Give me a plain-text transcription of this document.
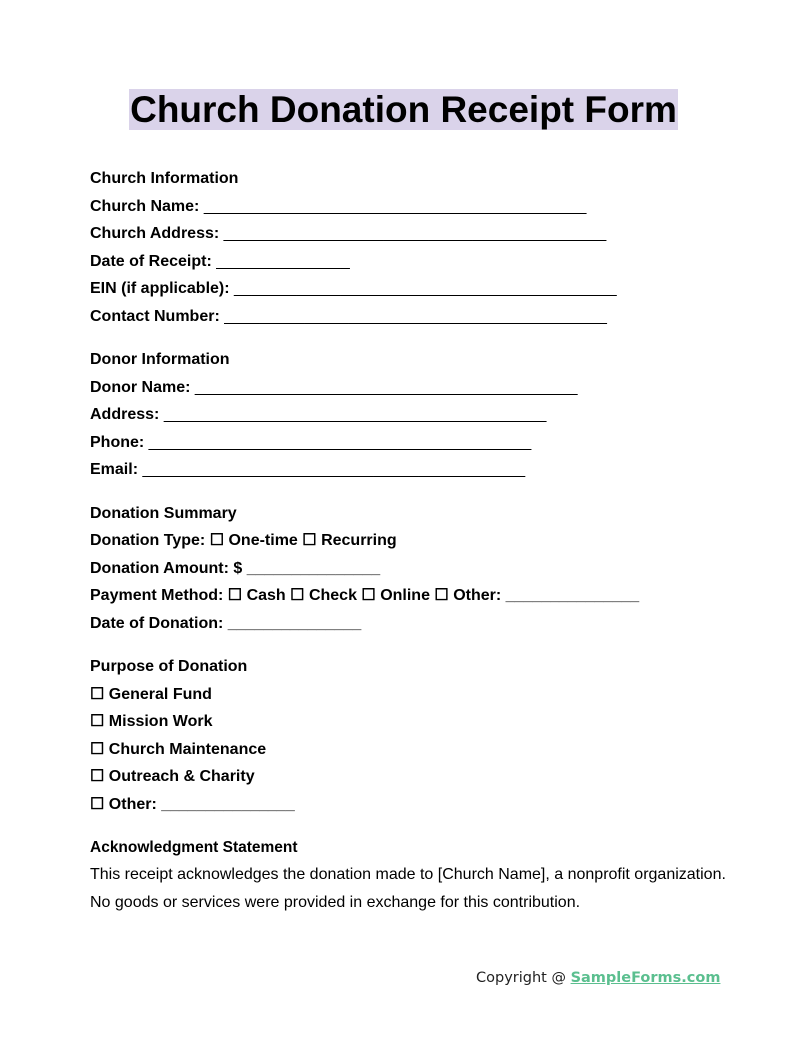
Church Donation Receipt Form
Church Information
Church Name: ___________________________________________
Church Address: ___________________________________________
Date of Receipt: _______________
EIN (if applicable): ___________________________________________
Contact Number: ___________________________________________
Donor Information
Donor Name: ___________________________________________
Address: ___________________________________________
Phone: ___________________________________________
Email: ___________________________________________
Donation Summary
Donation Type: ☐ One-time ☐ Recurring
Donation Amount: $ _______________
Payment Method: ☐ Cash ☐ Check ☐ Online ☐ Other: _______________
Date of Donation: _______________
Purpose of Donation
☐ General Fund
☐ Mission Work
☐ Church Maintenance
☐ Outreach & Charity
☐ Other: _______________
Acknowledgment Statement
This receipt acknowledges the donation made to [Church Name], a nonprofit organization. No goods or services were provided in exchange for this contribution.
Copyright @ SampleForms.com
